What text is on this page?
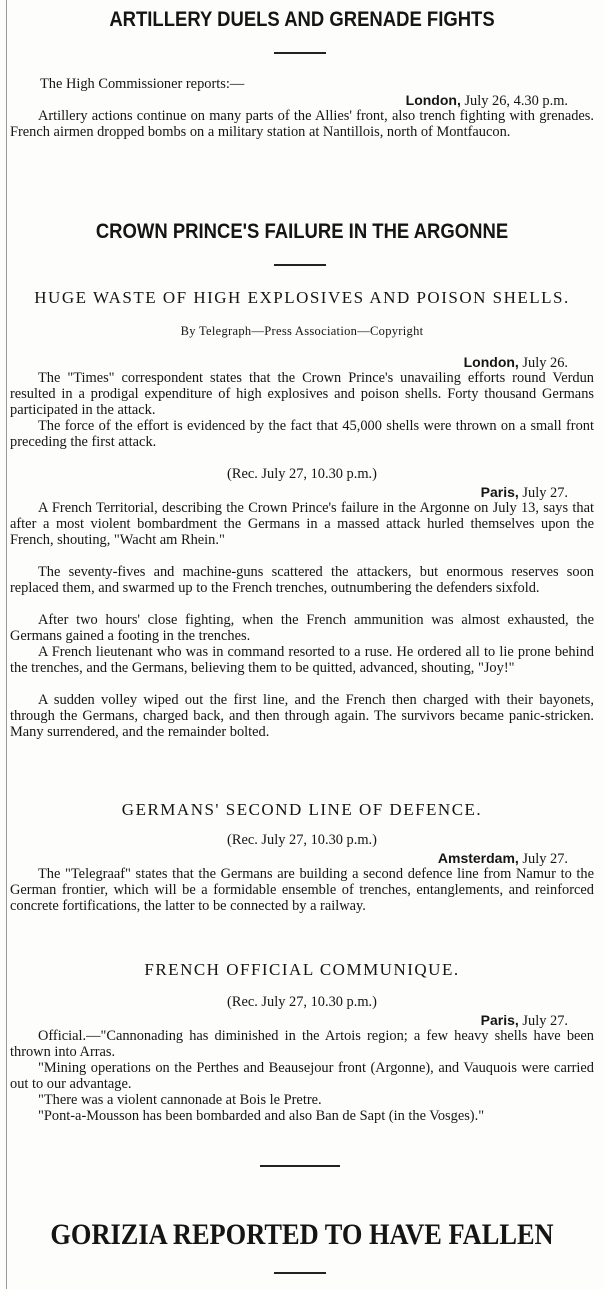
ARTILLERY DUELS AND GRENADE FIGHTS
The High Commissioner reports:—
London, July 26, 4.30 p.m.
Artillery actions continue on many parts of the Allies' front, also trench fighting with grenades. French airmen dropped bombs on a military station at Nantillois, north of Montfaucon.
CROWN PRINCE'S FAILURE IN THE ARGONNE
HUGE WASTE OF HIGH EXPLOSIVES AND POISON SHELLS.
By Telegraph—Press Association—Copyright
London, July 26.
The "Times" correspondent states that the Crown Prince's unavailing efforts round Verdun resulted in a prodigal expenditure of high explosives and poison shells. Forty thousand Germans participated in the attack.
The force of the effort is evidenced by the fact that 45,000 shells were thrown on a small front preceding the first attack.
(Rec. July 27, 10.30 p.m.)
Paris, July 27.
A French Territorial, describing the Crown Prince's failure in the Argonne on July 13, says that after a most violent bombardment the Germans in a massed attack hurled themselves upon the French, shouting, "Wacht am Rhein."
The seventy-fives and machine-guns scattered the attackers, but enormous reserves soon replaced them, and swarmed up to the French trenches, outnumbering the defenders sixfold.
After two hours' close fighting, when the French ammunition was almost exhausted, the Germans gained a footing in the trenches.
A French lieutenant who was in command resorted to a ruse. He ordered all to lie prone behind the trenches, and the Germans, believing them to be quitted, advanced, shouting, "Joy!"
A sudden volley wiped out the first line, and the French then charged with their bayonets, through the Germans, charged back, and then through again. The survivors became panic-stricken. Many surrendered, and the remainder bolted.
GERMANS' SECOND LINE OF DEFENCE.
(Rec. July 27, 10.30 p.m.)
Amsterdam, July 27.
The "Telegraaf" states that the Germans are building a second defence line from Namur to the German frontier, which will be a formidable ensemble of trenches, entanglements, and reinforced concrete fortifications, the latter to be connected by a railway.
FRENCH OFFICIAL COMMUNIQUE.
(Rec. July 27, 10.30 p.m.)
Paris, July 27.
Official.—"Cannonading has diminished in the Artois region; a few heavy shells have been thrown into Arras.
"Mining operations on the Perthes and Beausejour front (Argonne), and Vauquois were carried out to our advantage.
"There was a violent cannonade at Bois le Pretre.
"Pont-a-Mousson has been bombarded and also Ban de Sapt (in the Vosges)."
GORIZIA REPORTED TO HAVE FALLEN
